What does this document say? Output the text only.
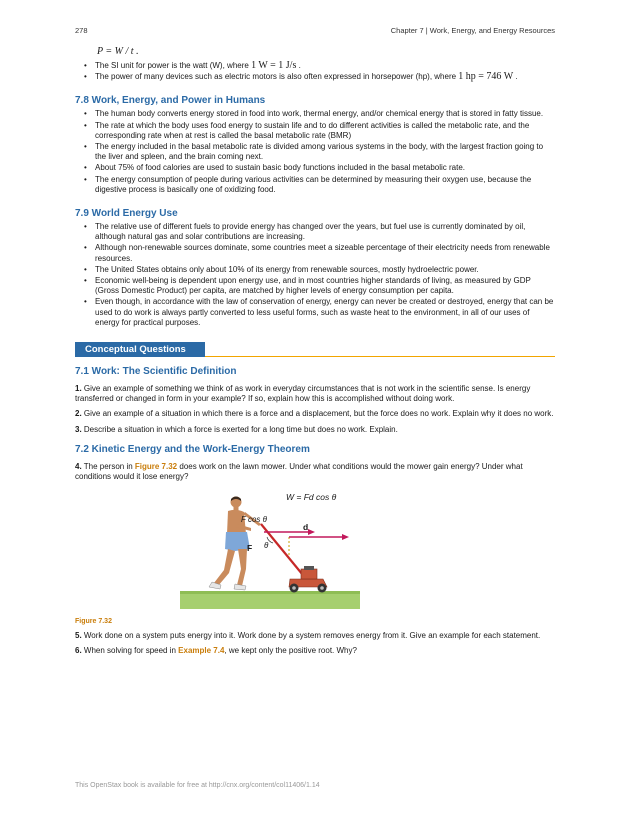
278	Chapter 7 | Work, Energy, and Energy Resources
P = W / t .
• The SI unit for power is the watt (W), where 1 W = 1 J/s .
• The power of many devices such as electric motors is also often expressed in horsepower (hp), where 1 hp = 746 W .
7.8 Work, Energy, and Power in Humans
• The human body converts energy stored in food into work, thermal energy, and/or chemical energy that is stored in fatty tissue.
• The rate at which the body uses food energy to sustain life and to do different activities is called the metabolic rate, and the corresponding rate when at rest is called the basal metabolic rate (BMR)
• The energy included in the basal metabolic rate is divided among various systems in the body, with the largest fraction going to the liver and spleen, and the brain coming next.
• About 75% of food calories are used to sustain basic body functions included in the basal metabolic rate.
• The energy consumption of people during various activities can be determined by measuring their oxygen use, because the digestive process is basically one of oxidizing food.
7.9 World Energy Use
• The relative use of different fuels to provide energy has changed over the years, but fuel use is currently dominated by oil, although natural gas and solar contributions are increasing.
• Although non-renewable sources dominate, some countries meet a sizeable percentage of their electricity needs from renewable resources.
• The United States obtains only about 10% of its energy from renewable sources, mostly hydroelectric power.
• Economic well-being is dependent upon energy use, and in most countries higher standards of living, as measured by GDP (Gross Domestic Product) per capita, are matched by higher levels of energy consumption per capita.
• Even though, in accordance with the law of conservation of energy, energy can never be created or destroyed, energy that can be used to do work is always partly converted to less useful forms, such as waste heat to the environment, in all of our uses of energy for practical purposes.
Conceptual Questions
7.1 Work: The Scientific Definition

1. Give an example of something we think of as work in everyday circumstances that is not work in the scientific sense. Is energy transferred or changed in form in your example? If so, explain how this is accomplished without doing work.

2. Give an example of a situation in which there is a force and a displacement, but the force does no work. Explain why it does no work.

3. Describe a situation in which a force is exerted for a long time but does no work. Explain.

7.2 Kinetic Energy and the Work-Energy Theorem

4. The person in Figure 7.32 does work on the lawn mower. Under what conditions would the mower gain energy? Under what conditions would it lose energy?

W = Fd cos θ
F cos θ
d
F θ
Figure 7.32

5. Work done on a system puts energy into it. Work done by a system removes energy from it. Give an example for each statement.

6. When solving for speed in Example 7.4, we kept only the positive root. Why?

This OpenStax book is available for free at http://cnx.org/content/col11406/1.14
